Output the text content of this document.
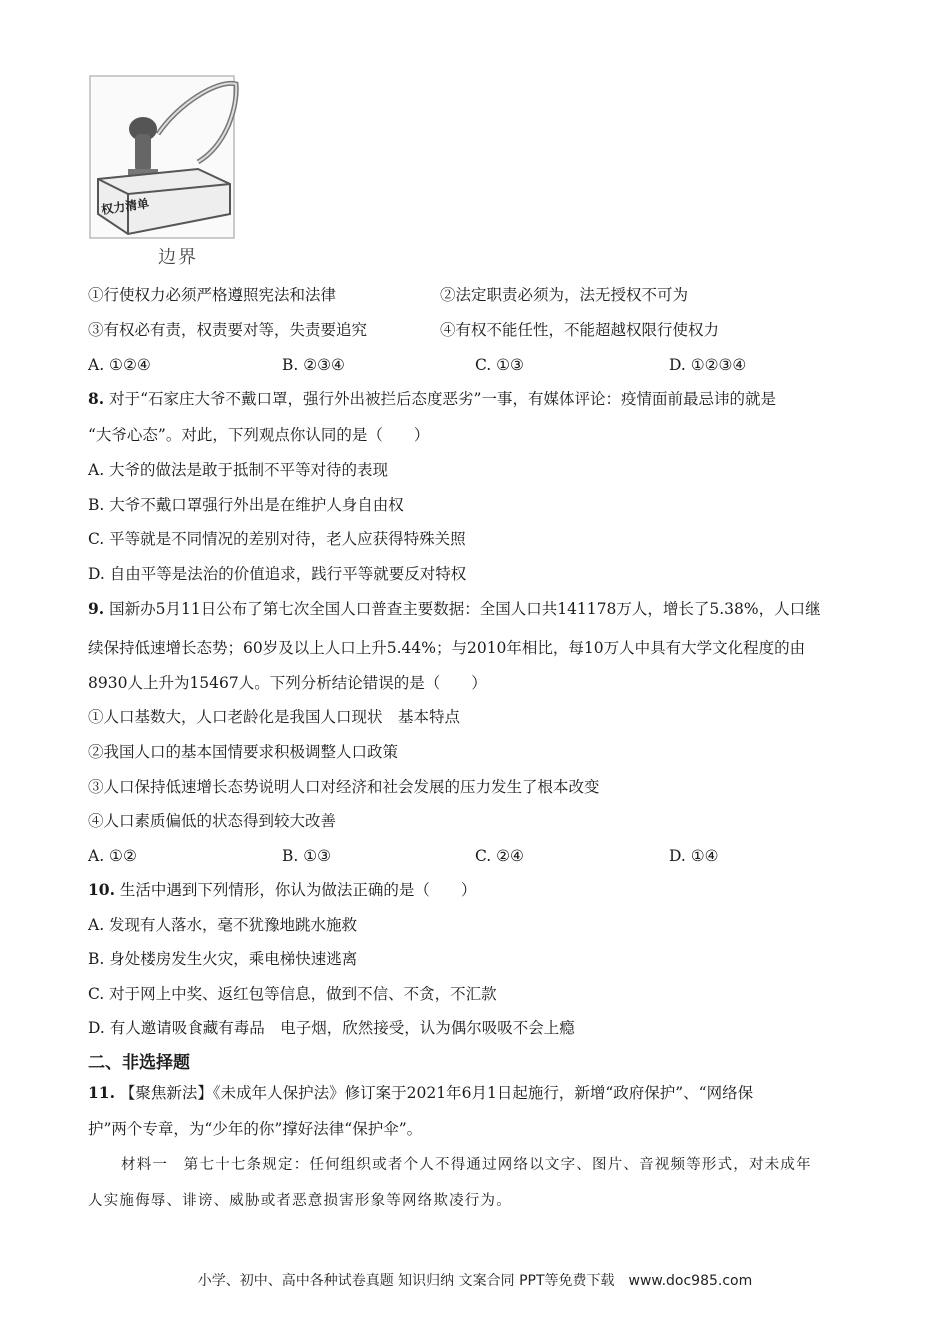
权力清单
边界
①行使权力必须严格遵照宪法和法律	②法定职责必须为，法无授权不可为
③有权必有责，权责要对等，失责要追究	④有权不能任性，不能超越权限行使权力
A. ①②④	B. ②③④	C. ①③	D. ①②③④
8. 对于“石家庄大爷不戴口罩，强行外出被拦后态度恶劣”一事，有媒体评论：疫情面前最忌讳的就是
“大爷心态”。对此，下列观点你认同的是（　　）
A. 大爷的做法是敢于抵制不平等对待的表现
B. 大爷不戴口罩强行外出是在维护人身自由权
C. 平等就是不同情况的差别对待，老人应获得特殊关照
D. 自由平等是法治的价值追求，践行平等就要反对特权
9. 国新办5月11日公布了第七次全国人口普查主要数据：全国人口共141178万人，增长了5.38%，人口继
续保持低速增长态势；60岁及以上人口上升5.44%；与2010年相比，每10万人中具有大学文化程度的由
8930人上升为15467人。下列分析结论错误的是（　　）
①人口基数大，人口老龄化是我国人口现状　基本特点
②我国人口的基本国情要求积极调整人口政策
③人口保持低速增长态势说明人口对经济和社会发展的压力发生了根本改变
④人口素质偏低的状态得到较大改善
A. ①②	B. ①③	C. ②④	D. ①④
10. 生活中遇到下列情形，你认为做法正确的是（　　）
A. 发现有人落水，毫不犹豫地跳水施救
B. 身处楼房发生火灾，乘电梯快速逃离
C. 对于网上中奖、返红包等信息，做到不信、不贪，不汇款
D. 有人邀请吸食藏有毒品　电子烟，欣然接受，认为偶尔吸吸不会上瘾
二、非选择题
11. 【聚焦新法】《未成年人保护法》修订案于2021年6月1日起施行，新增“政府保护”、“网络保
护”两个专章，为“少年的你”撑好法律“保护伞”。
材料一　第七十七条规定：任何组织或者个人不得通过网络以文字、图片、音视频等形式，对未成年
人实施侮辱、诽谤、威胁或者恶意损害形象等网络欺凌行为。
小学、初中、高中各种试卷真题 知识归纳 文案合同 PPT等免费下载　www.doc985.com
